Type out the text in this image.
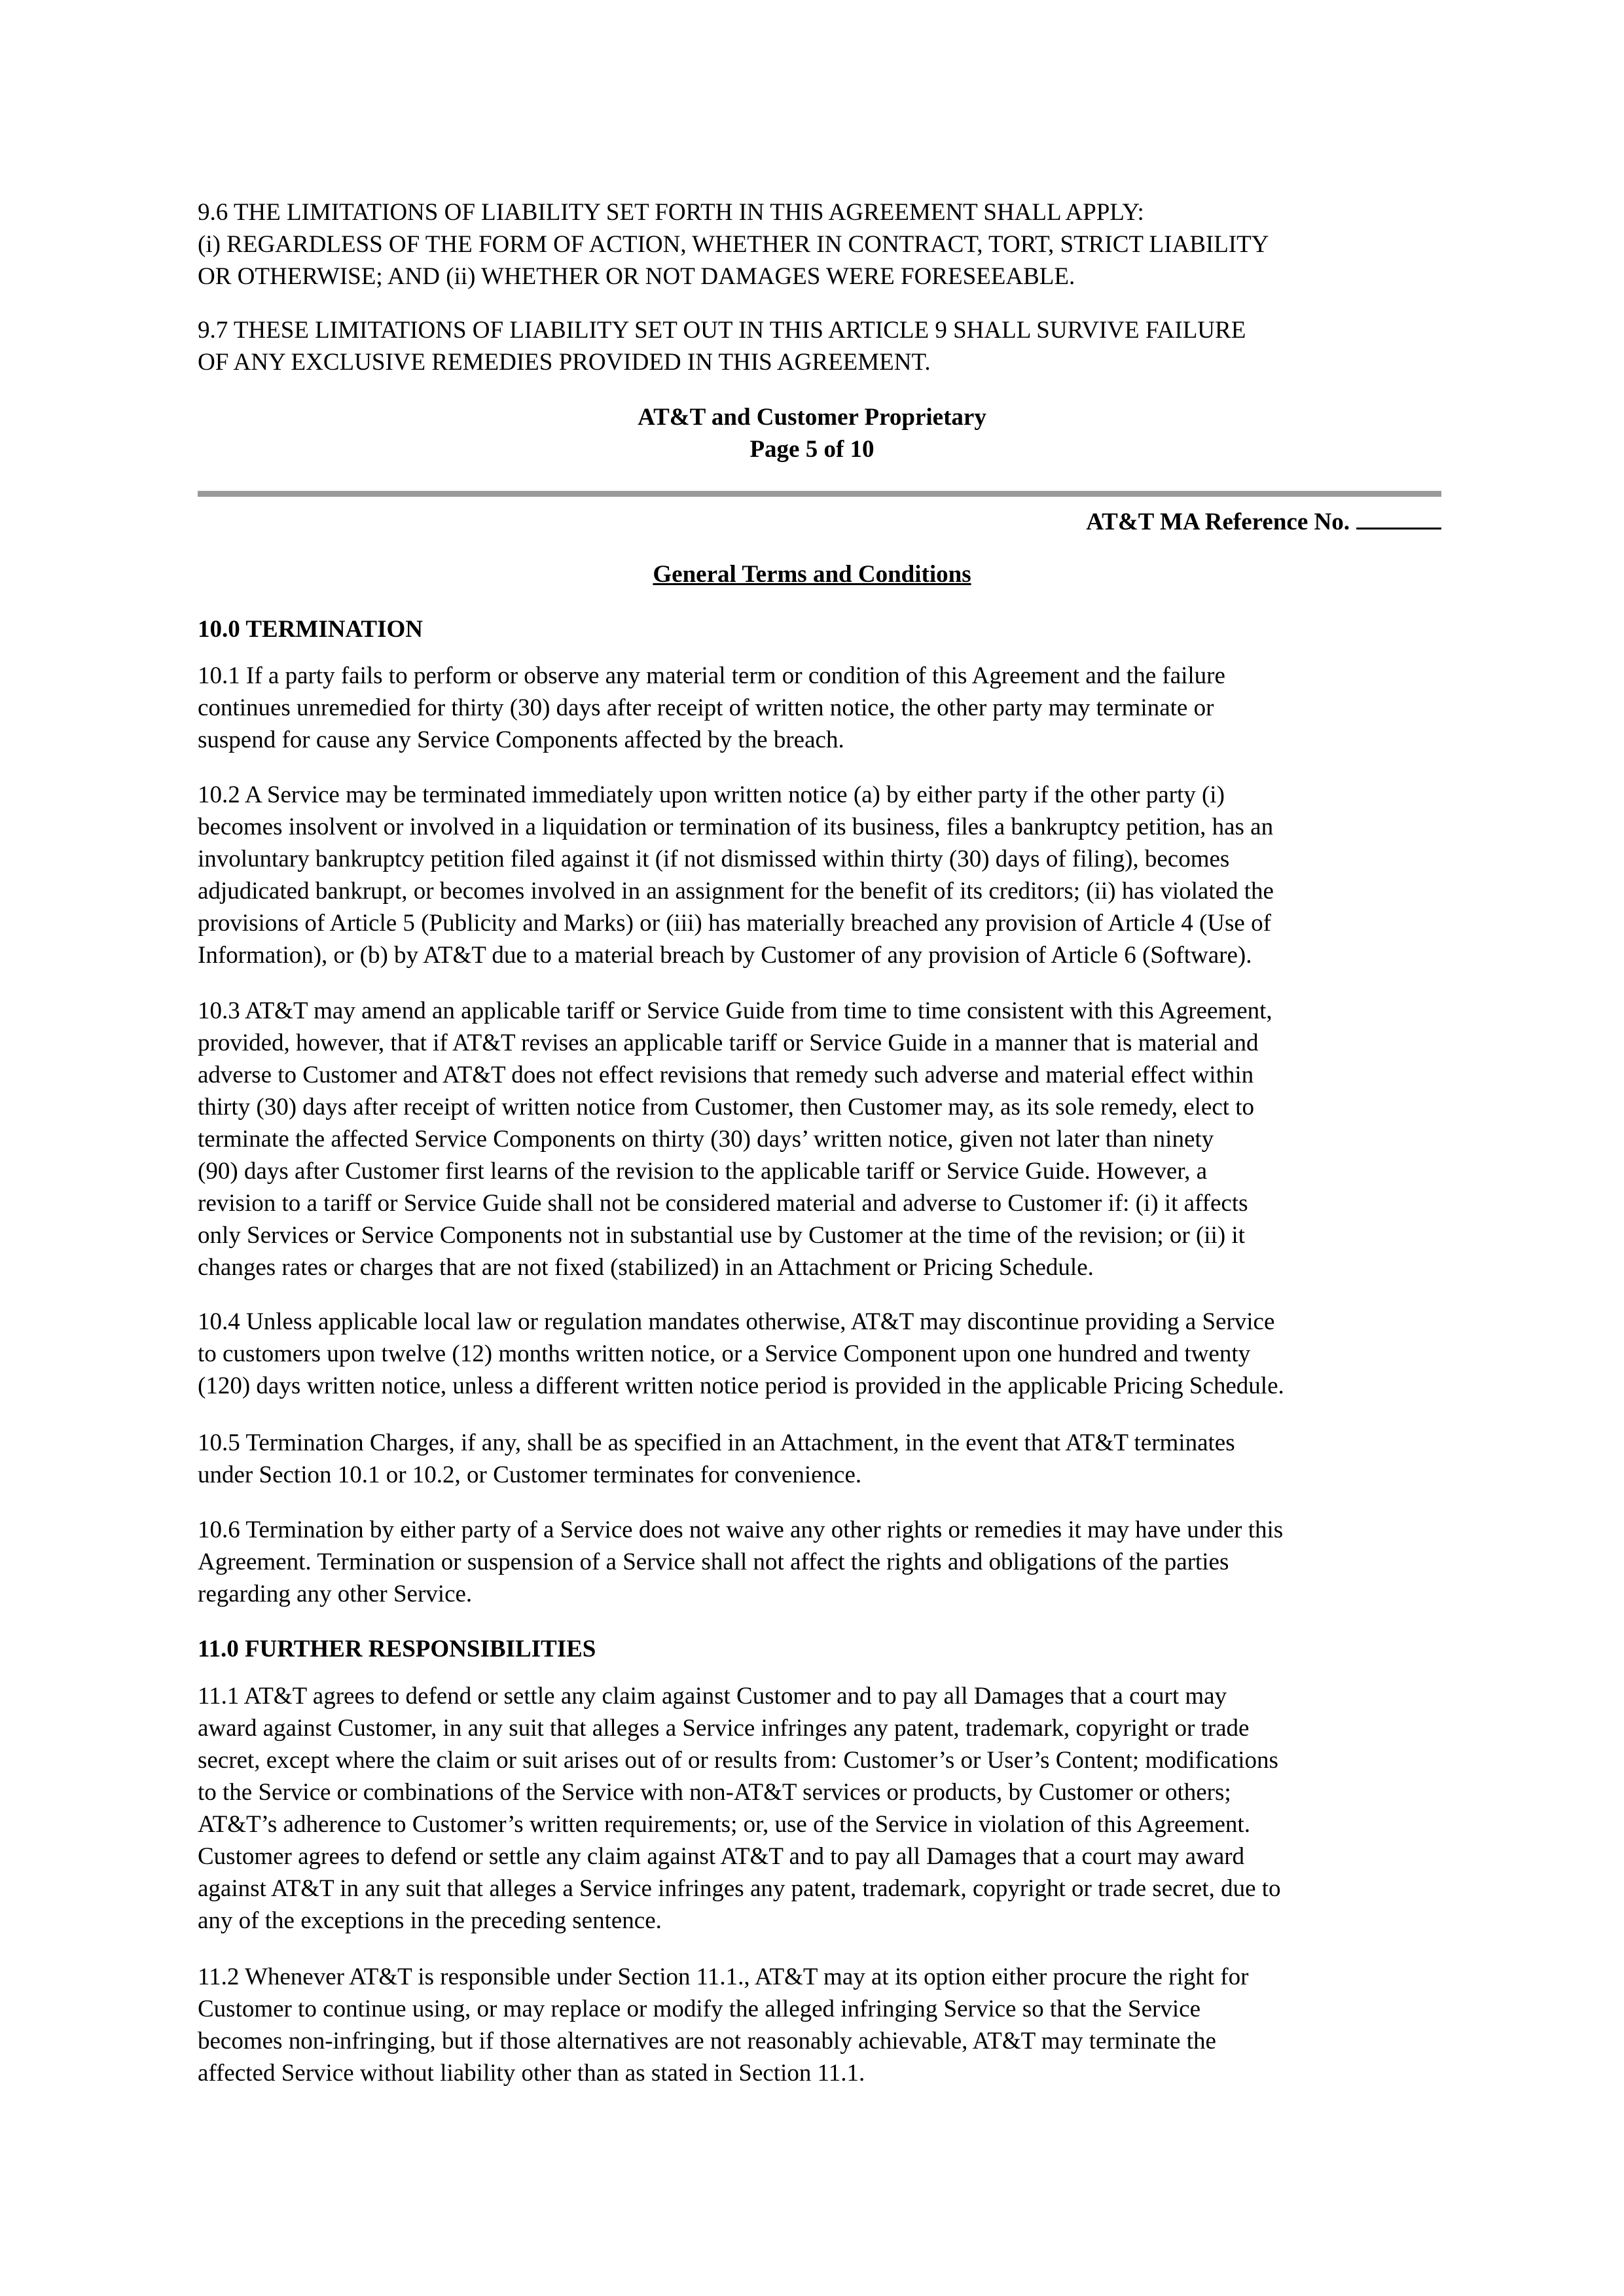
9.6 THE LIMITATIONS OF LIABILITY SET FORTH IN THIS AGREEMENT SHALL APPLY:
(i) REGARDLESS OF THE FORM OF ACTION, WHETHER IN CONTRACT, TORT, STRICT LIABILITY
OR OTHERWISE; AND (ii) WHETHER OR NOT DAMAGES WERE FORESEEABLE.

9.7 THESE LIMITATIONS OF LIABILITY SET OUT IN THIS ARTICLE 9 SHALL SURVIVE FAILURE
OF ANY EXCLUSIVE REMEDIES PROVIDED IN THIS AGREEMENT.

AT&T and Customer Proprietary

Page 5 of 10

AT&T MA Reference No.

General Terms and Conditions

10.0 TERMINATION

10.1 If a party fails to perform or observe any material term or condition of this Agreement and the failure
continues unremedied for thirty (30) days after receipt of written notice, the other party may terminate or
suspend for cause any Service Components affected by the breach.

10.2 A Service may be terminated immediately upon written notice (a) by either party if the other party (i)
becomes insolvent or involved in a liquidation or termination of its business, files a bankruptcy petition, has an
involuntary bankruptcy petition filed against it (if not dismissed within thirty (30) days of filing), becomes
adjudicated bankrupt, or becomes involved in an assignment for the benefit of its creditors; (ii) has violated the
provisions of Article 5 (Publicity and Marks) or (iii) has materially breached any provision of Article 4 (Use of
Information), or (b) by AT&T due to a material breach by Customer of any provision of Article 6 (Software).

10.3 AT&T may amend an applicable tariff or Service Guide from time to time consistent with this Agreement,
provided, however, that if AT&T revises an applicable tariff or Service Guide in a manner that is material and
adverse to Customer and AT&T does not effect revisions that remedy such adverse and material effect within
thirty (30) days after receipt of written notice from Customer, then Customer may, as its sole remedy, elect to
terminate the affected Service Components on thirty (30) days’ written notice, given not later than ninety
(90) days after Customer first learns of the revision to the applicable tariff or Service Guide. However, a
revision to a tariff or Service Guide shall not be considered material and adverse to Customer if: (i) it affects
only Services or Service Components not in substantial use by Customer at the time of the revision; or (ii) it
changes rates or charges that are not fixed (stabilized) in an Attachment or Pricing Schedule.

10.4 Unless applicable local law or regulation mandates otherwise, AT&T may discontinue providing a Service
to customers upon twelve (12) months written notice, or a Service Component upon one hundred and twenty
(120) days written notice, unless a different written notice period is provided in the applicable Pricing Schedule.

10.5 Termination Charges, if any, shall be as specified in an Attachment, in the event that AT&T terminates
under Section 10.1 or 10.2, or Customer terminates for convenience.

10.6 Termination by either party of a Service does not waive any other rights or remedies it may have under this
Agreement. Termination or suspension of a Service shall not affect the rights and obligations of the parties
regarding any other Service.

11.0 FURTHER RESPONSIBILITIES

11.1 AT&T agrees to defend or settle any claim against Customer and to pay all Damages that a court may
award against Customer, in any suit that alleges a Service infringes any patent, trademark, copyright or trade
secret, except where the claim or suit arises out of or results from: Customer’s or User’s Content; modifications
to the Service or combinations of the Service with non-AT&T services or products, by Customer or others;
AT&T’s adherence to Customer’s written requirements; or, use of the Service in violation of this Agreement.
Customer agrees to defend or settle any claim against AT&T and to pay all Damages that a court may award
against AT&T in any suit that alleges a Service infringes any patent, trademark, copyright or trade secret, due to
any of the exceptions in the preceding sentence.

11.2 Whenever AT&T is responsible under Section 11.1., AT&T may at its option either procure the right for
Customer to continue using, or may replace or modify the alleged infringing Service so that the Service
becomes non-infringing, but if those alternatives are not reasonably achievable, AT&T may terminate the
affected Service without liability other than as stated in Section 11.1.
